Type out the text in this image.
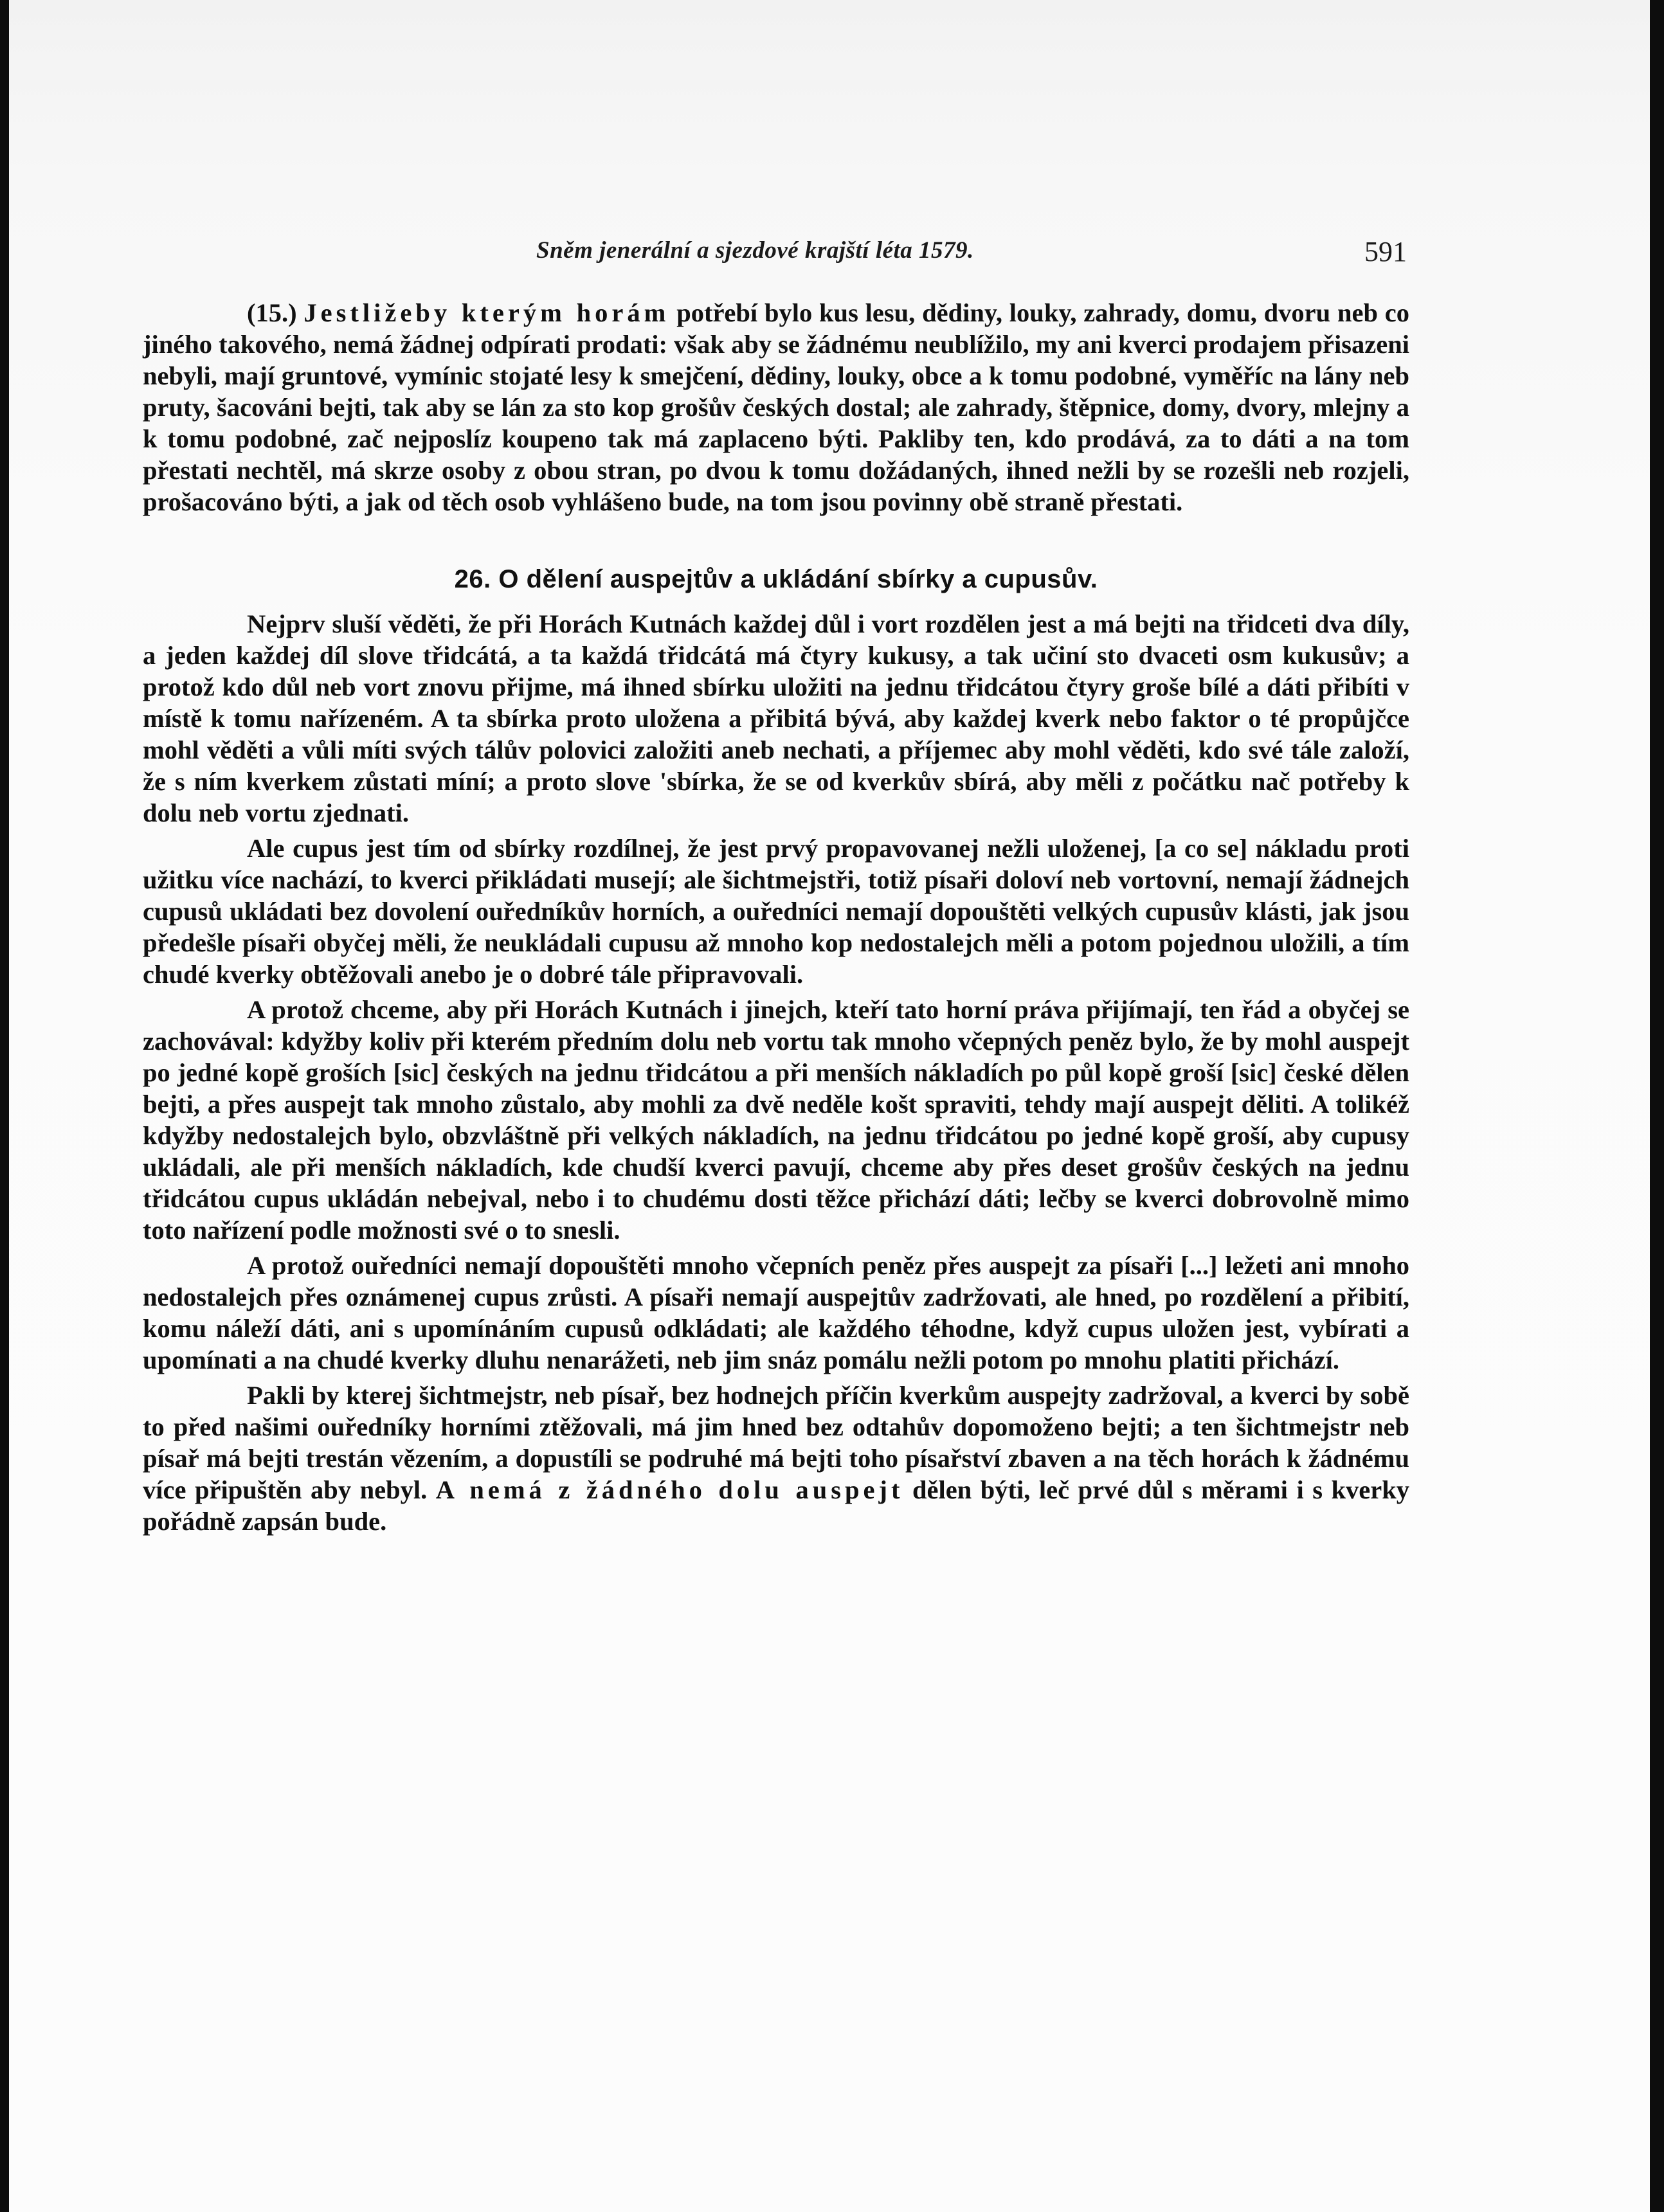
Sněm jenerální a sjezdové krajští léta 1579.	591

(15.) Jestližeby kterým horám potřebí bylo kus lesu, dědiny, louky, zahrady, domu, dvoru neb co jiného takového, nemá žádnej odpírati prodati: však aby se žádnému neublížilo, my ani kverci prodajem přisazeni nebyli, mají gruntové, vymínic stojaté lesy k smejčení, dědiny, louky, obce a k tomu podobné, vyměříc na lány neb pruty, šacováni bejti, tak aby se lán za sto kop grošův českých dostal; ale zahrady, štěpnice, domy, dvory, mlejny a k tomu podobné, zač nejposlíz koupeno tak má zaplaceno býti. Pakliby ten, kdo prodává, za to dáti a na tom přestati nechtěl, má skrze osoby z obou stran, po dvou k tomu dožádaných, ihned nežli by se rozešli neb rozjeli, prošacováno býti, a jak od těch osob vyhlášeno bude, na tom jsou povinny obě straně přestati.

26. O dělení auspejtův a ukládání sbírky a cupusův.

Nejprv sluší věděti, že při Horách Kutnách každej důl i vort rozdělen jest a má bejti na třidceti dva díly, a jeden každej díl slove třidcátá, a ta každá třidcátá má čtyry kukusy, a tak učiní sto dvaceti osm kukusův; a protož kdo důl neb vort znovu přijme, má ihned sbírku uložiti na jednu třidcátou čtyry groše bílé a dáti přibíti v místě k tomu nařízeném. A ta sbírka proto uložena a přibitá bývá, aby každej kverk nebo faktor o té propůjčce mohl věděti a vůli míti svých tálův polovici založiti aneb nechati, a příjemec aby mohl věděti, kdo své tále založí, že s ním kverkem zůstati míní; a proto slove 'sbírka, že se od kverkův sbírá, aby měli z počátku nač potřeby k dolu neb vortu zjednati.

Ale cupus jest tím od sbírky rozdílnej, že jest prvý propavovanej nežli uloženej, [a co se] nákladu proti užitku více nachází, to kverci přikládati musejí; ale šichtmejstři, totiž písaři doloví neb vortovní, nemají žádnejch cupusů ukládati bez dovolení ouředníkův horních, a ouředníci nemají dopouštěti velkých cupusův klásti, jak jsou předešle písaři obyčej měli, že neukládali cupusu až mnoho kop nedostalejch měli a potom pojednou uložili, a tím chudé kverky obtěžovali anebo je o dobré tále připravovali.

A protož chceme, aby při Horách Kutnách i jinejch, kteří tato horní práva přijímají, ten řád a obyčej se zachovával: kdyžby koliv při kterém předním dolu neb vortu tak mnoho včepných peněz bylo, že by mohl auspejt po jedné kopě groších [sic] českých na jednu třidcátou a při menších nákladích po půl kopě groší [sic] české dělen bejti, a přes auspejt tak mnoho zůstalo, aby mohli za dvě neděle košt spraviti, tehdy mají auspejt děliti. A tolikéž kdyžby nedostalejch bylo, obzvláštně při velkých nákladích, na jednu třidcátou po jedné kopě groší, aby cupusy ukládali, ale při menších nákladích, kde chudší kverci pavují, chceme aby přes deset grošův českých na jednu třidcátou cupus ukládán nebejval, nebo i to chudému dosti těžce přichází dáti; lečby se kverci dobrovolně mimo toto nařízení podle možnosti své o to snesli.

A protož ouředníci nemají dopouštěti mnoho včepních peněz přes auspejt za písaři [...] ležeti ani mnoho nedostalejch přes oznámenej cupus zrůsti. A písaři nemají auspejtův zadržovati, ale hned, po rozdělení a přibití, komu náleží dáti, ani s upomínáním cupusů odkládati; ale každého téhodne, když cupus uložen jest, vybírati a upomínati a na chudé kverky dluhu nenarážeti, neb jim snáz pomálu nežli potom po mnohu platiti přichází.

Pakli by kterej šichtmejstr, neb písař, bez hodnejch příčin kverkům auspejty zadržoval, a kverci by sobě to před našimi ouředníky horními ztěžovali, má jim hned bez odtahův dopomoženo bejti; a ten šichtmejstr neb písař má bejti trestán vězením, a dopustíli se podruhé má bejti toho písařství zbaven a na těch horách k žádnému více připuštěn aby nebyl. A nemá z žádného dolu auspejt dělen býti, leč prvé důl s měrami i s kverky pořádně zapsán bude.
